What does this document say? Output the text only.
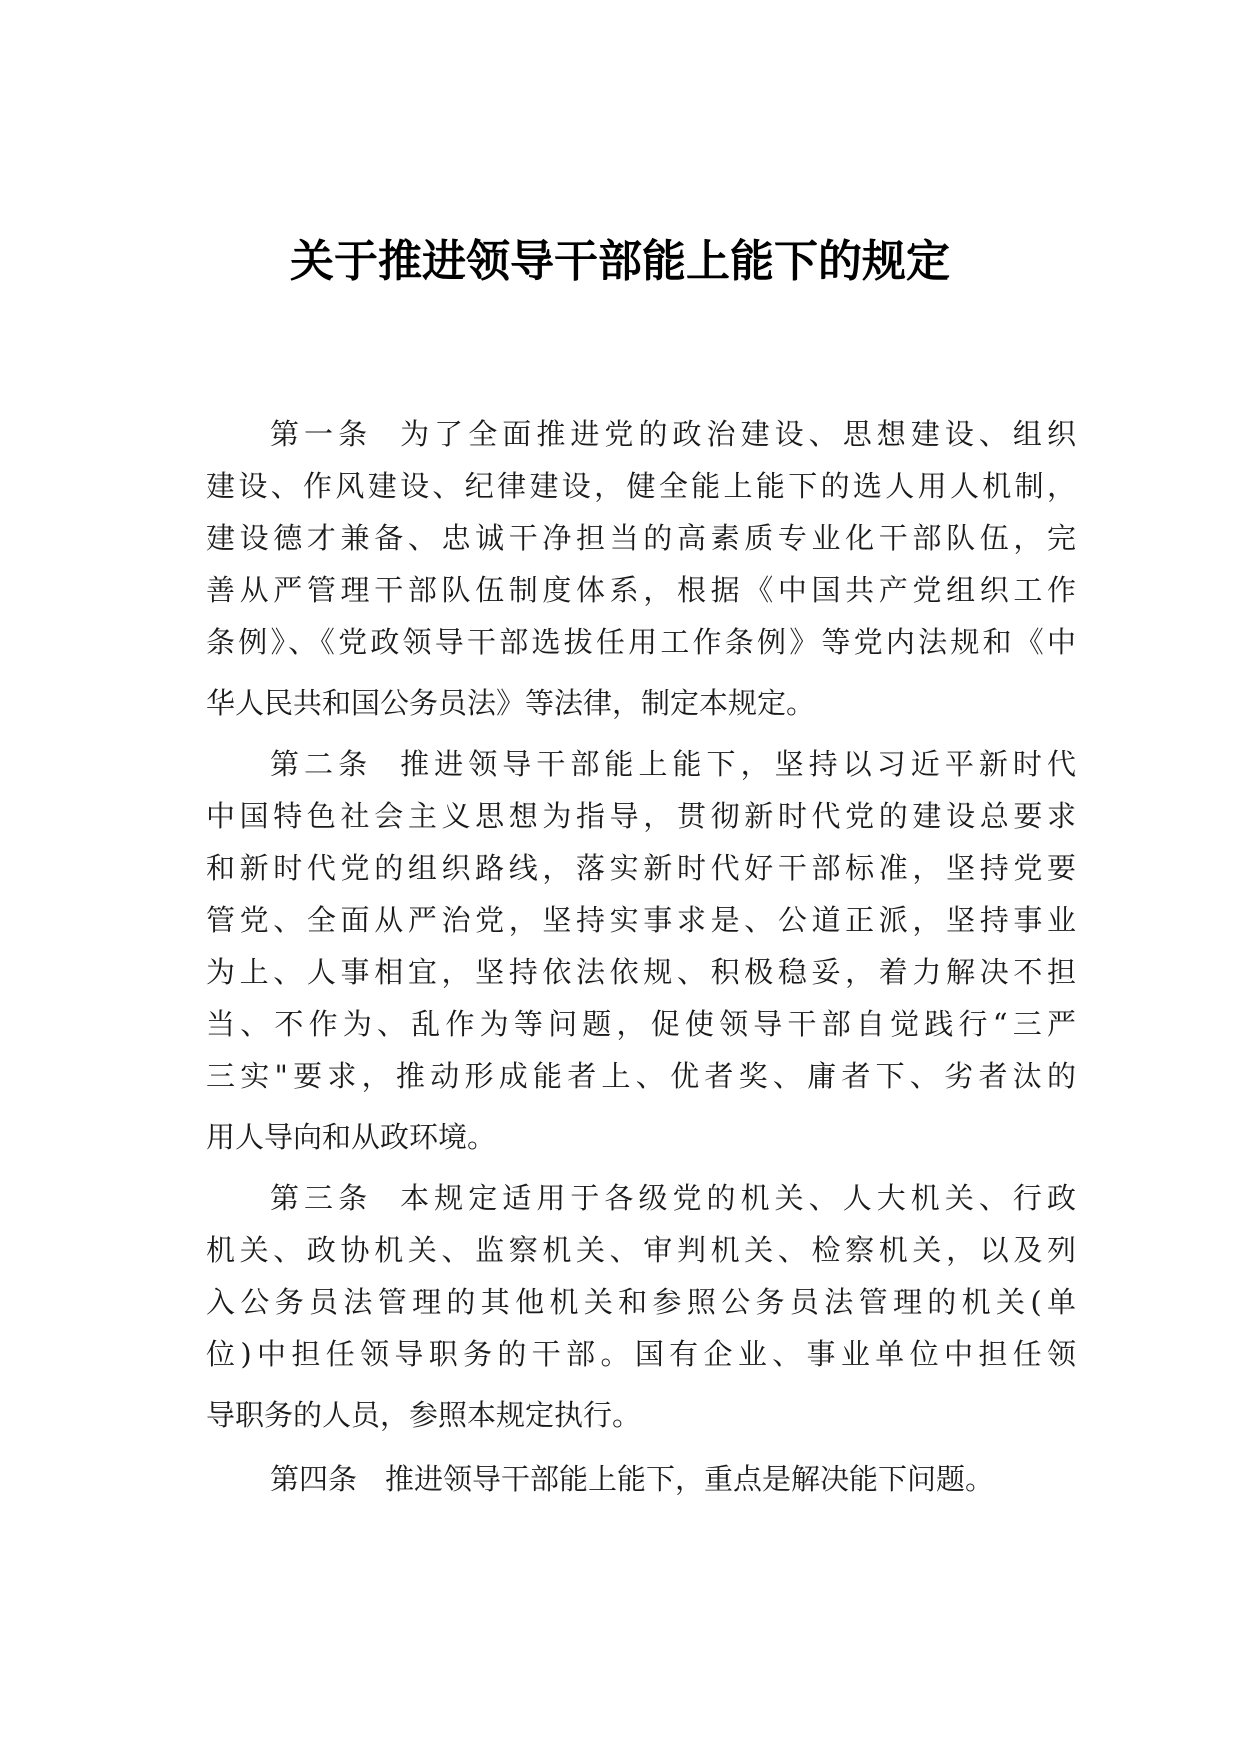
关于推进领导干部能上能下的规定
第一条 为了全面推进党的政治建设、思想建设、组织
建设、作风建设、纪律建设，健全能上能下的选人用人机制，
建设德才兼备、忠诚干净担当的高素质专业化干部队伍，完
善从严管理干部队伍制度体系，根据《中国共产党组织工作
条例》、《党政领导干部选拔任用工作条例》等党内法规和《中
华人民共和国公务员法》等法律，制定本规定。
第二条 推进领导干部能上能下，坚持以习近平新时代
中国特色社会主义思想为指导，贯彻新时代党的建设总要求
和新时代党的组织路线，落实新时代好干部标准，坚持党要
管党、全面从严治党，坚持实事求是、公道正派，坚持事业
为上、人事相宜，坚持依法依规、积极稳妥，着力解决不担
当、不作为、乱作为等问题，促使领导干部自觉践行“三严
三实"要求，推动形成能者上、优者奖、庸者下、劣者汰的
用人导向和从政环境。
第三条 本规定适用于各级党的机关、人大机关、行政
机关、政协机关、监察机关、审判机关、检察机关，以及列
入公务员法管理的其他机关和参照公务员法管理的机关(单
位)中担任领导职务的干部。国有企业、事业单位中担任领
导职务的人员，参照本规定执行。
第四条 推进领导干部能上能下，重点是解决能下问题。
